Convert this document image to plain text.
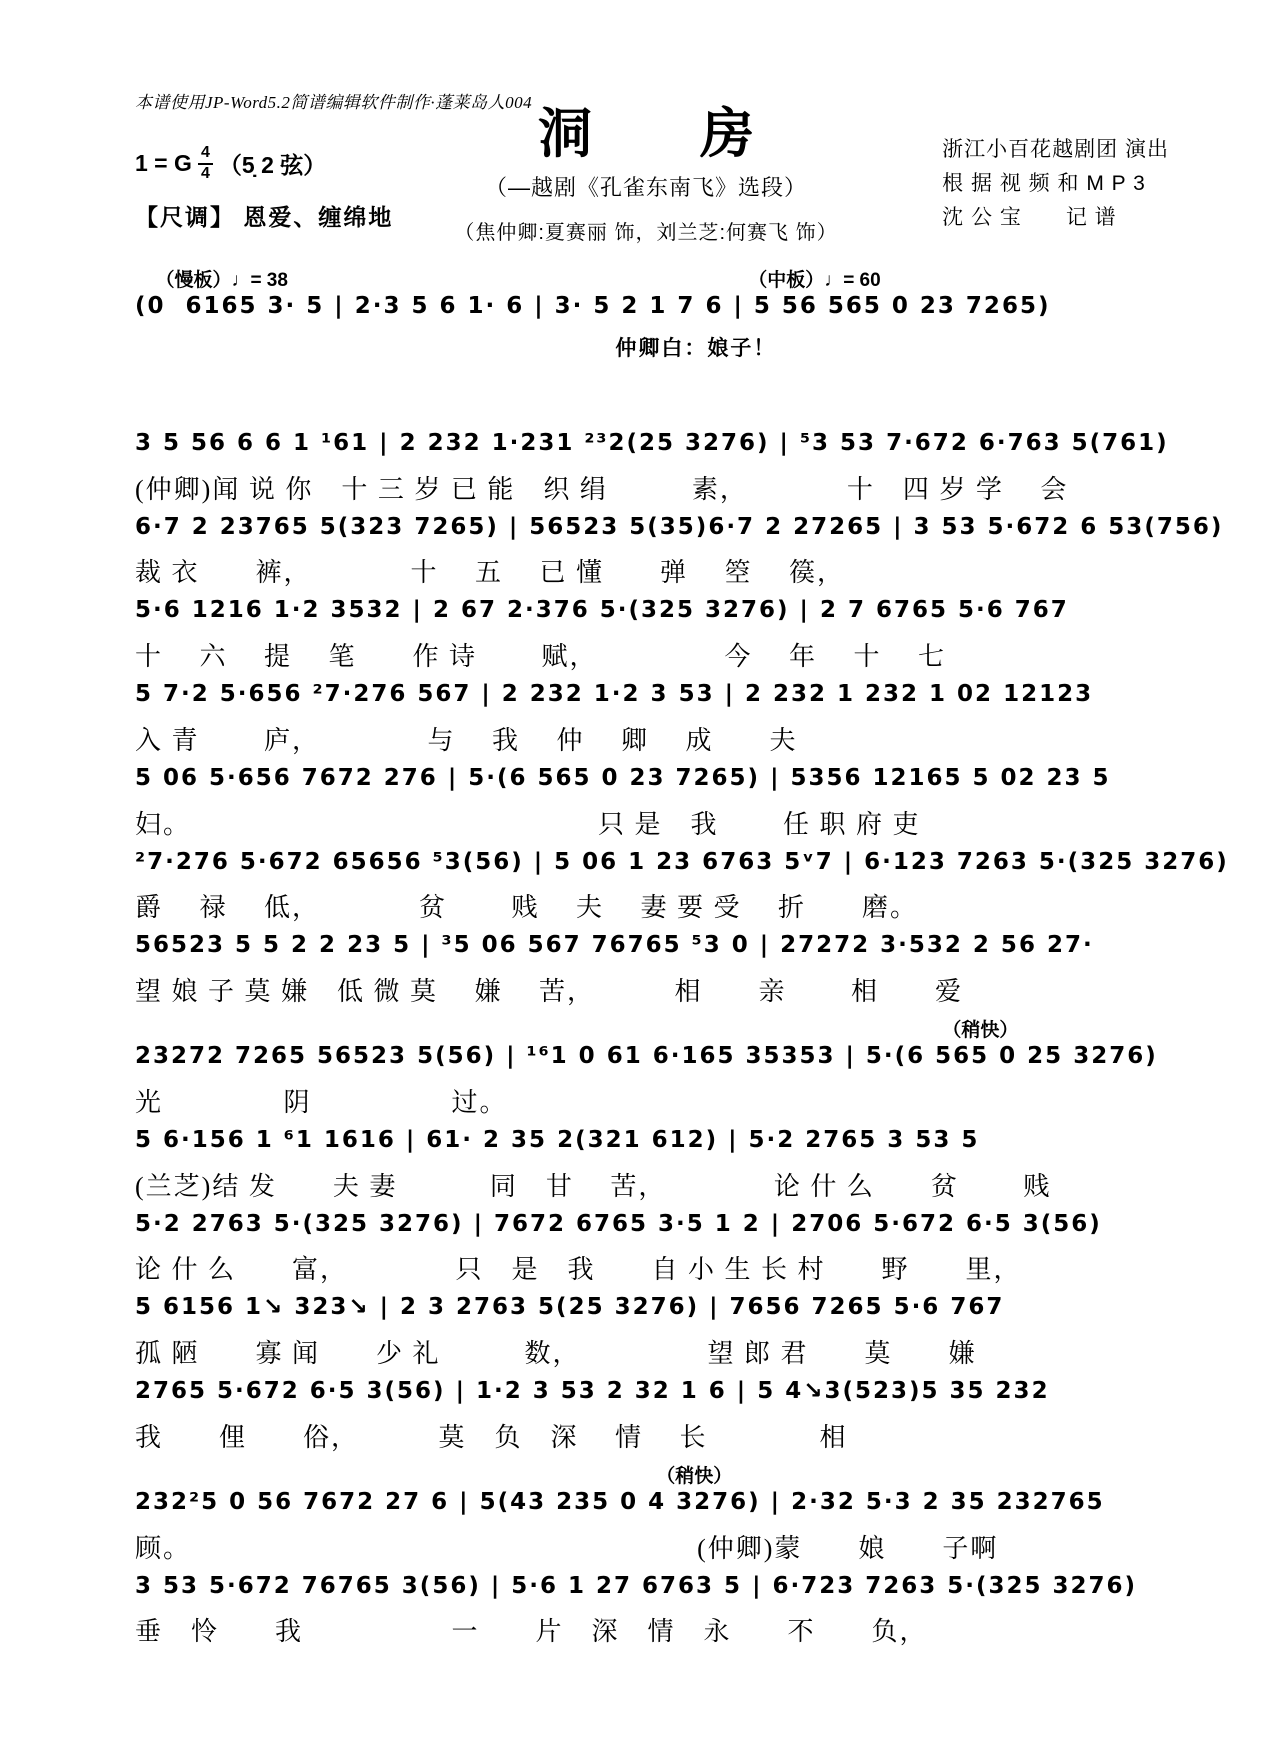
本谱使用JP-Word5.2简谱编辑软件制作·蓬莱岛人004
洞　　房
（—越剧《孔雀东南飞》选段）
（焦仲卿:夏赛丽 饰，刘兰芝:何赛飞 饰）
浙江小百花越剧团 演出
根 据 视 频 和 M P 3
沈 公 宝　　记 谱
1 = G $\frac{4}{4}$ （5̣ 2 弦）
【尺调】 恩爱、缠绵地
（慢板）♩= 38	（中板）♩= 60
(0  6165 3· 5 | 2·3 5 6 1· 6 | 3· 5 2 1 7 6 | 5 56 565 0 23 7265)

仲卿白：娘子！

3 5 56 6 6 1 ¹61 | 2 232 1·231 ²³2(25 3276) | ⁵3 53 7·672 6·763 5(761)
(仲卿)闻 说 你　十 三 岁 已 能　织 绢　　　素，　　　　十　四 岁 学　 会
6·7 2 23765 5(323 7265) | 56523 5(35)6·7 2 27265 | 3 53 5·672 6 53(756)
裁 衣　　裤，　　　　十　 五　 已 懂　　弹　 箜　 篌，
5·6 1216 1·2 3532 | 2 67 2·376 5·(325 3276) | 2 7 6765 5·6 767
十　 六　 提　 笔　　作 诗　　 赋，　　　　　今　 年　 十　 七
5 7·2 5·656 ²7·276 567 | 2 232 1·2 3 53 | 2 232 1 232 1 02 12123
入 青　　 庐，　　　　 与　 我　 仲　 卿　 成　　夫
5 06 5·656 7672 276 | 5·(6 565 0 23 7265) | 5356 12165 5 02 23 5
妇。　　　　　　　　　　　　　　　只 是　我　　 任 职 府 吏
²7·276 5·672 65656 ⁵3(56) | 5 06 1 23 6763 5ᵛ7 | 6·123 7263 5·(325 3276)
爵　 禄　 低，　　　　贫　　 贱　 夫　 妻 要 受　 折　　磨。
56523 5 5 2 2 23 5 | ³5 06 567 76765 ⁵3 0 | 27272 3·532 2 56 27·
望 娘 子 莫 嫌　低 微 莫　 嫌　 苦，　　　 相　　亲　　 相　　爱
（稍快）
23272 7265 56523 5(56) | ¹⁶1 0 61 6·165 35353 | 5·(6 565 0 25 3276)
光　　　　 阴　　　　　过。
5 6·156 1 ⁶1 1616 | 61· 2 35 2(321 612) | 5·2 2765 3 53 5
(兰芝)结 发　　夫 妻　　　 同　甘　 苦，　　　　 论 什 么　　贫　　 贱
5·2 2763 5·(325 3276) | 7672 6765 3·5 1 2 | 2706 5·672 6·5 3(56)
论 什 么　　富，　　　　 只　是　我　　自 小 生 长 村　　野　　里，
5 6156 1↘ 323↘ | 2 3 2763 5(25 3276) | 7656 7265 5·6 767
孤 陋　　寡 闻　　少 礼　　　数，　　　　　望 郎 君　　莫　　嫌
2765 5·672 6·5 3(56) | 1·2 3 53 2 32 1 6 | 5 4↘3(523)5 35 232
我　　俚　　俗，　　　 莫　负　深　 情　 长　　　　相
（稍快）
232²5 0 56 7672 27 6 | 5(43 235 0 4 3276) | 2·32 5·3 2 35 232765
顾。	(仲卿)蒙　　娘　　子啊
3 53 5·672 76765 3(56) | 5·6 1 27 6763 5 | 6·723 7263 5·(325 3276)
垂　怜　　我　　　　　 一　　片　深　情　永　　不　　负，
